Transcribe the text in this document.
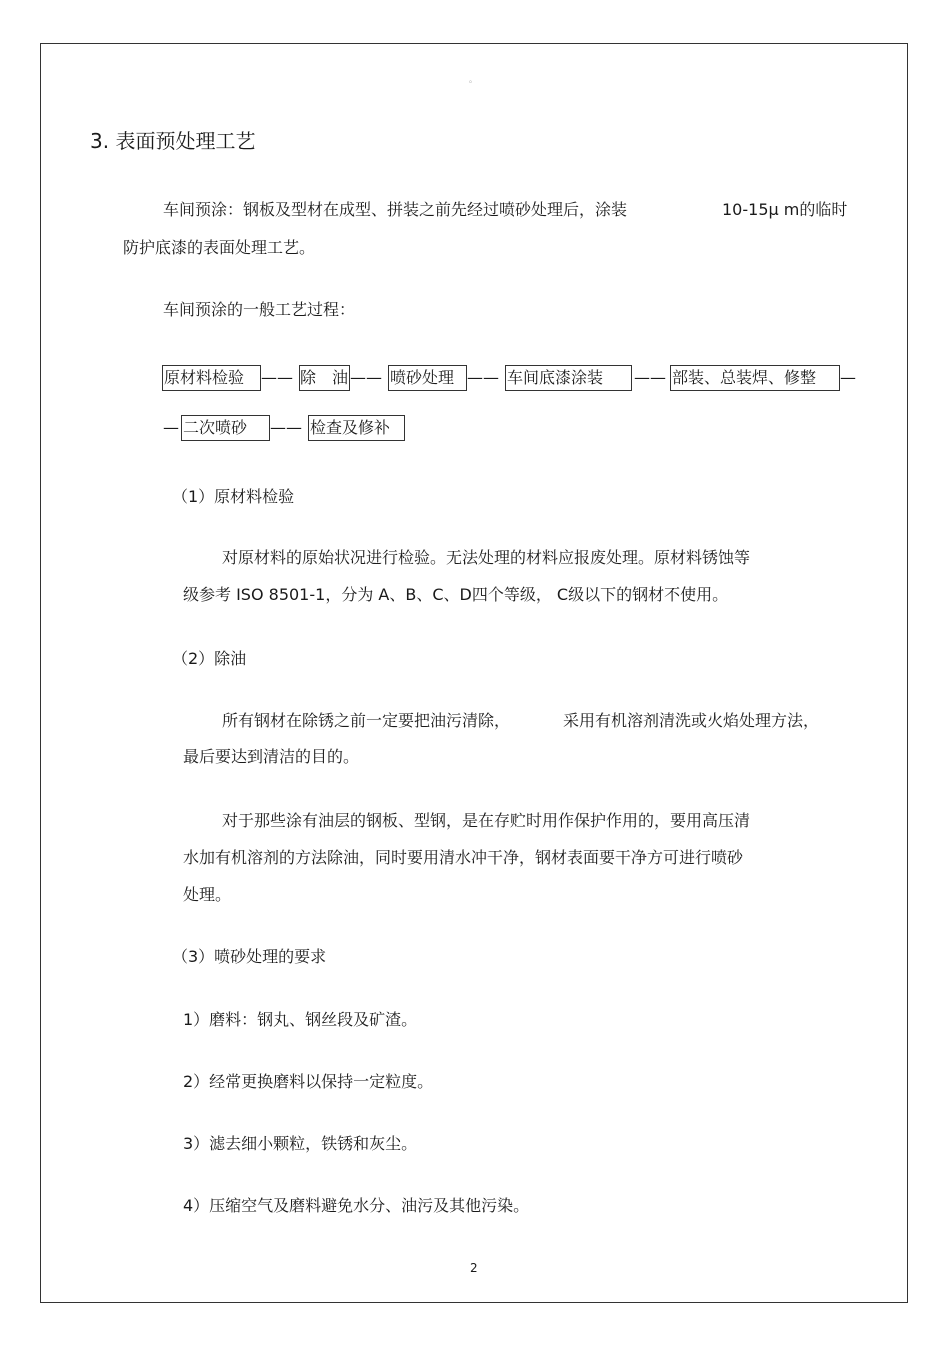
。
3. 表面预处理工艺
车间预涂：钢板及型材在成型、拼装之前先经过喷砂处理后，涂装	10-15μ m的临时
防护底漆的表面处理工艺。
车间预涂的一般工艺过程：
原材料检验	—— 除　油 —— 喷砂处理 —— 车间底漆涂装	—— 部装、总装焊、修整	—
— 二次喷砂	—— 检查及修补
（1）原材料检验
对原材料的原始状况进行检验。无法处理的材料应报废处理。原材料锈蚀等
级参考 ISO 8501-1，分为 A、B、C、D四个等级， C级以下的钢材不使用。
（2）除油
所有钢材在除锈之前一定要把油污清除，	采用有机溶剂清洗或火焰处理方法，
最后要达到清洁的目的。
对于那些涂有油层的钢板、型钢，是在存贮时用作保护作用的，要用高压清
水加有机溶剂的方法除油，同时要用清水冲干净，钢材表面要干净方可进行喷砂
处理。
（3）喷砂处理的要求
1）磨料：钢丸、钢丝段及矿渣。
2）经常更换磨料以保持一定粒度。
3）滤去细小颗粒，铁锈和灰尘。
4）压缩空气及磨料避免水分、油污及其他污染。
2
